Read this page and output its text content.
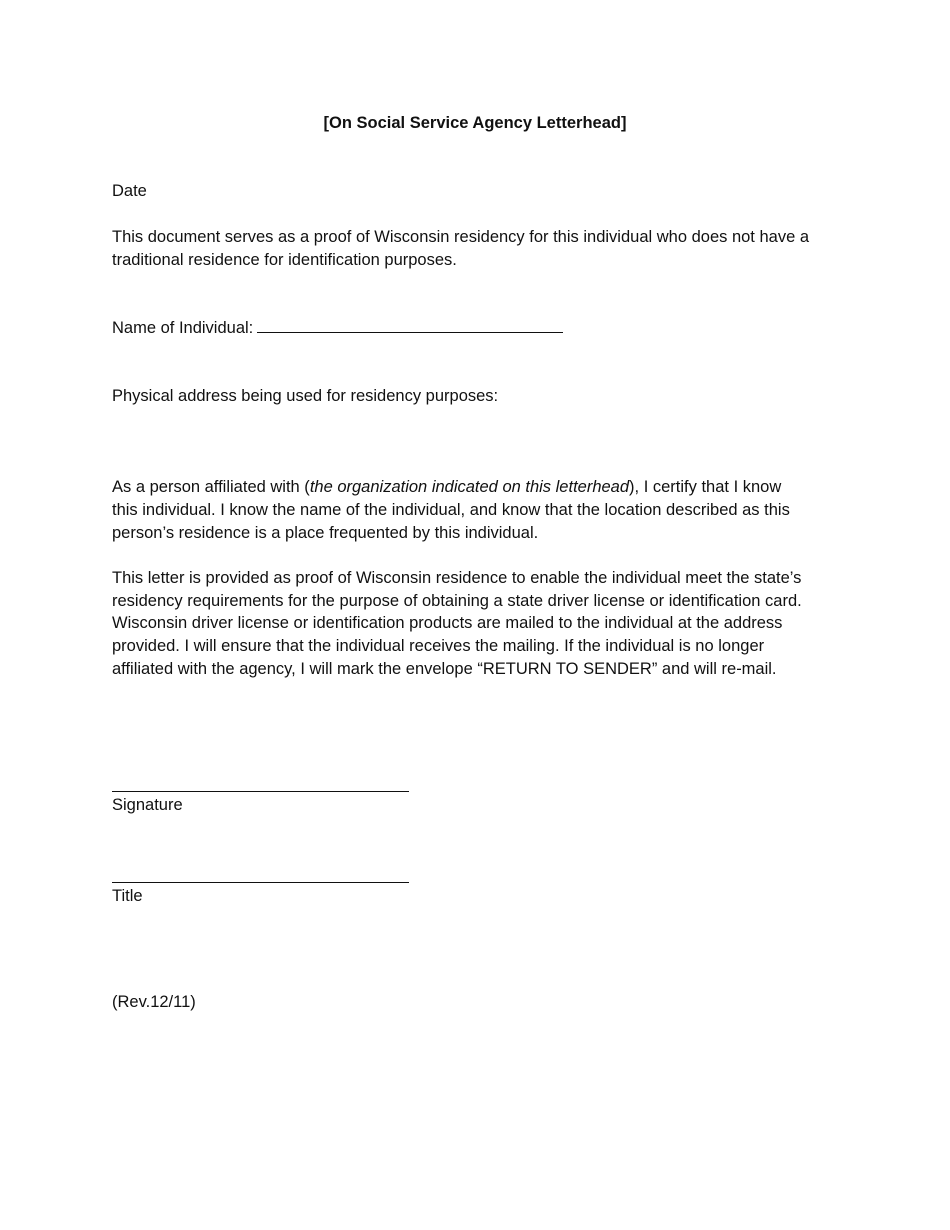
[On Social Service Agency Letterhead]
Date
This document serves as a proof of Wisconsin residency for this individual who does not have a
traditional residence for identification purposes.
Name of Individual:
Physical address being used for residency purposes:
As a person affiliated with (the organization indicated on this letterhead), I certify that I know
this individual. I know the name of the individual, and know that the location described as this
person’s residence is a place frequented by this individual.
This letter is provided as proof of Wisconsin residence to enable the individual meet the state’s
residency requirements for the purpose of obtaining a state driver license or identification card.
Wisconsin driver license or identification products are mailed to the individual at the address
provided. I will ensure that the individual receives the mailing. If the individual is no longer
affiliated with the agency, I will mark the envelope “RETURN TO SENDER” and will re-mail.
Signature
Title
(Rev.12/11)
